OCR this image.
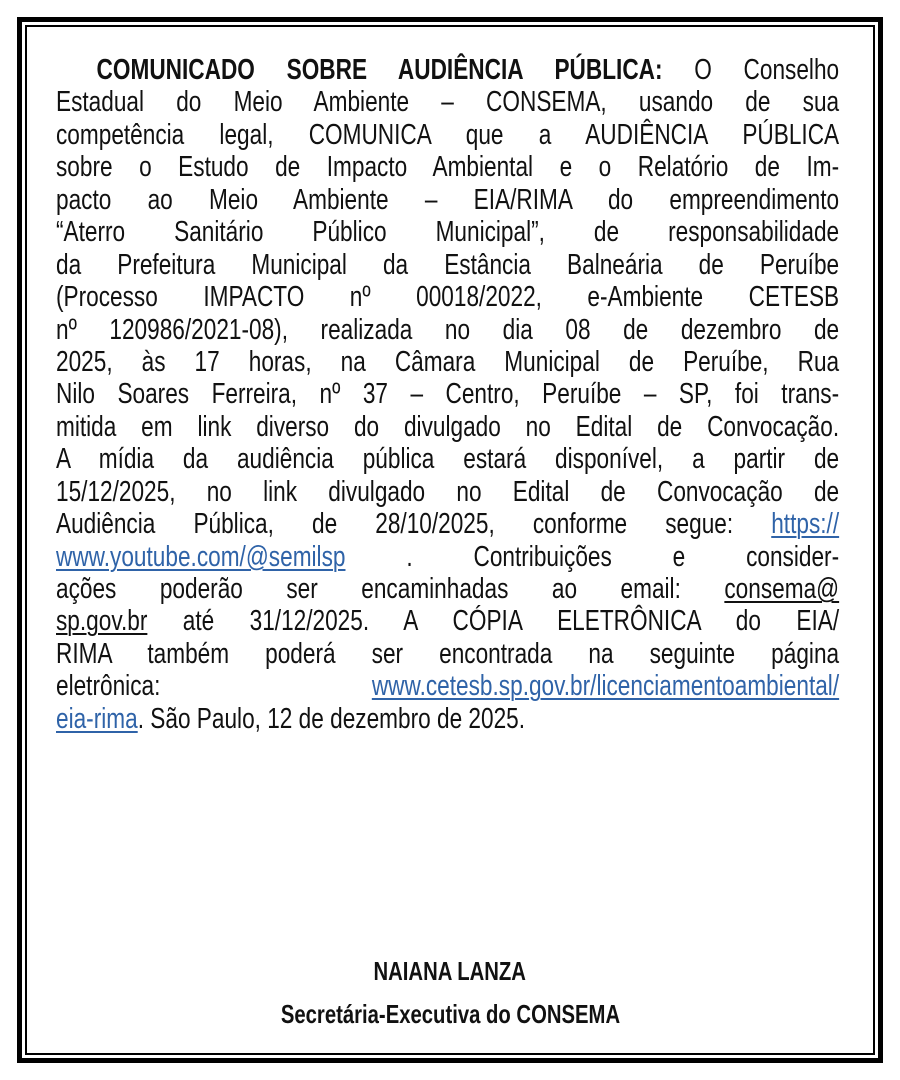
COMUNICADO SOBRE AUDIÊNCIA PÚBLICA: O Conselho
Estadual do Meio Ambiente – CONSEMA, usando de sua
competência legal, COMUNICA que a AUDIÊNCIA PÚBLICA
sobre o Estudo de Impacto Ambiental e o Relatório de Im-
pacto ao Meio Ambiente – EIA/RIMA do empreendimento
“Aterro Sanitário Público Municipal”, de responsabilidade
da Prefeitura Municipal da Estância Balneária de Peruíbe
(Processo IMPACTO nº 00018/2022, e-Ambiente CETESB
nº 120986/2021-08), realizada no dia 08 de dezembro de
2025, às 17 horas, na Câmara Municipal de Peruíbe, Rua
Nilo Soares Ferreira, nº 37 – Centro, Peruíbe – SP, foi trans-
mitida em link diverso do divulgado no Edital de Convocação.
A mídia da audiência pública estará disponível, a partir de
15/12/2025, no link divulgado no Edital de Convocação de
Audiência Pública, de 28/10/2025, conforme segue: https://
www.youtube.com/@semilsp . Contribuições e consider-
ações poderão ser encaminhadas ao email: consema@
sp.gov.br até 31/12/2025. A CÓPIA ELETRÔNICA do EIA/
RIMA também poderá ser encontrada na seguinte página
eletrônica: www.cetesb.sp.gov.br/licenciamentoambiental/
eia-rima. São Paulo, 12 de dezembro de 2025.
NAIANA LANZA
Secretária-Executiva do CONSEMA
